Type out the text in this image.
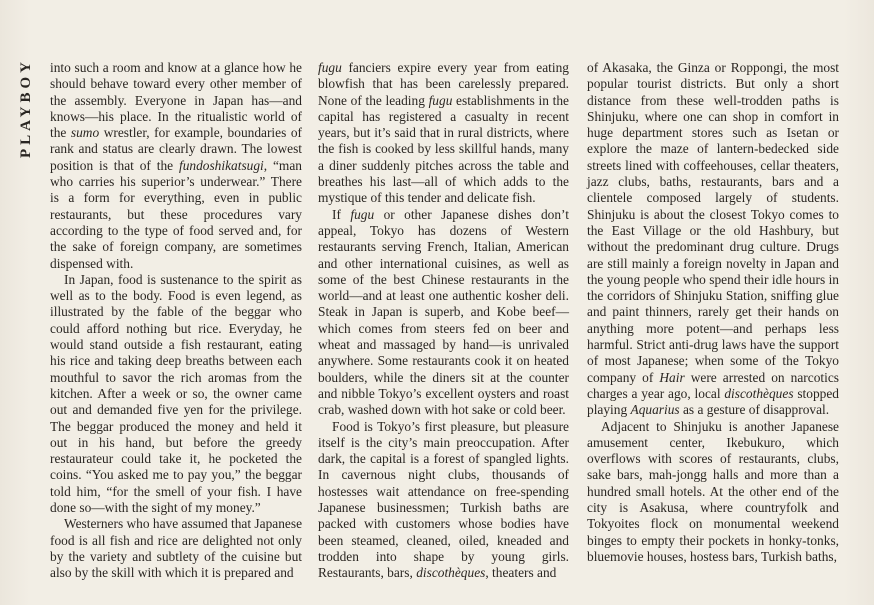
PLAYBOY into such a room and know at a glance how he should behave toward every other member of the assembly. Everyone in Japan has—and knows—his place. In the ritualistic world of the sumo wrestler, for example, boundaries of rank and status are clearly drawn. The lowest position is that of the fundoshikatsugi, “man who carries his superior’s underwear.” There is a form for everything, even in public restaurants, but these procedures vary according to the type of food served and, for the sake of foreign company, are sometimes dispensed with.

In Japan, food is sustenance to the spirit as well as to the body. Food is even legend, as illustrated by the fable of the beggar who could afford nothing but rice. Everyday, he would stand outside a fish restaurant, eating his rice and taking deep breaths between each mouthful to savor the rich aromas from the kitchen. After a week or so, the owner came out and demanded five yen for the privilege. The beggar produced the money and held it out in his hand, but before the greedy restaurateur could take it, he pocketed the coins. “You asked me to pay you,” the beggar told him, “for the smell of your fish. I have done so—with the sight of my money.”

Westerners who have assumed that Japanese food is all fish and rice are delighted not only by the variety and subtlety of the cuisine but also by the skill with which it is prepared and

fugu fanciers expire every year from eating blowfish that has been carelessly prepared. None of the leading fugu establishments in the capital has registered a casualty in recent years, but it’s said that in rural districts, where the fish is cooked by less skillful hands, many a diner suddenly pitches across the table and breathes his last—all of which adds to the mystique of this tender and delicate fish.

If fugu or other Japanese dishes don’t appeal, Tokyo has dozens of Western restaurants serving French, Italian, American and other international cuisines, as well as some of the best Chinese restaurants in the world—and at least one authentic kosher deli. Steak in Japan is superb, and Kobe beef—which comes from steers fed on beer and wheat and massaged by hand—is unrivaled anywhere. Some restaurants cook it on heated boulders, while the diners sit at the counter and nibble Tokyo’s excellent oysters and roast crab, washed down with hot sake or cold beer.

Food is Tokyo’s first pleasure, but pleasure itself is the city’s main preoccupation. After dark, the capital is a forest of spangled lights. In cavernous night clubs, thousands of hostesses wait attendance on free-spending Japanese businessmen; Turkish baths are packed with customers whose bodies have been steamed, cleaned, oiled, kneaded and trodden into shape by young girls. Restaurants, bars, discothèques, theaters and

of Akasaka, the Ginza or Roppongi, the most popular tourist districts. But only a short distance from these well-trodden paths is Shinjuku, where one can shop in comfort in huge department stores such as Isetan or explore the maze of lantern-bedecked side streets lined with coffeehouses, cellar theaters, jazz clubs, baths, restaurants, bars and a clientele composed largely of students. Shinjuku is about the closest Tokyo comes to the East Village or the old Hashbury, but without the predominant drug culture. Drugs are still mainly a foreign novelty in Japan and the young people who spend their idle hours in the corridors of Shinjuku Station, sniffing glue and paint thinners, rarely get their hands on anything more potent—and perhaps less harmful. Strict anti-drug laws have the support of most Japanese; when some of the Tokyo company of Hair were arrested on narcotics charges a year ago, local discothèques stopped playing Aquarius as a gesture of disapproval.

Adjacent to Shinjuku is another Japanese amusement center, Ikebukuro, which overflows with scores of restaurants, clubs, sake bars, mah-jongg halls and more than a hundred small hotels. At the other end of the city is Asakusa, where countryfolk and Tokyoites flock on monumental weekend binges to empty their pockets in honky-tonks, bluemovie houses, hostess bars, Turkish baths,
